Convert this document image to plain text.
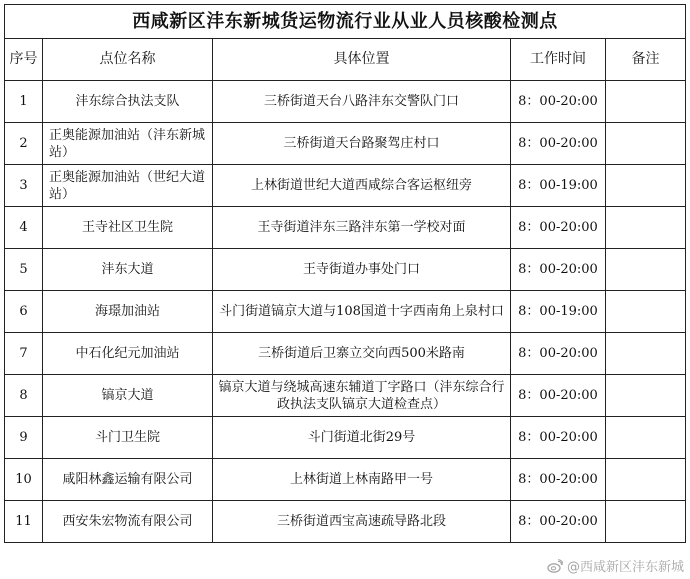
西咸新区沣东新城货运物流行业从业人员核酸检测点				
序号	点位名称	具体位置	工作时间	备注
1	沣东综合执法支队	三桥街道天台八路沣东交警队门口	8：00-20:00	
2	正奥能源加油站（沣东新城站）	三桥街道天台路聚驾庄村口	8：00-20:00	
3	正奥能源加油站（世纪大道站）	上林街道世纪大道西咸综合客运枢纽旁	8：00-19:00	
4	王寺社区卫生院	王寺街道沣东三路沣东第一学校对面	8：00-20:00	
5	沣东大道	王寺街道办事处门口	8：00-20:00	
6	海璟加油站	斗门街道镐京大道与108国道十字西南角上泉村口	8：00-19:00	
7	中石化纪元加油站	三桥街道后卫寨立交向西500米路南	8：00-20:00	
8	镐京大道	镐京大道与绕城高速东辅道丁字路口（沣东综合行政执法支队镐京大道检查点）	8：00-20:00	
9	斗门卫生院	斗门街道北街29号	8：00-20:00	
10	咸阳林鑫运输有限公司	上林街道上林南路甲一号	8：00-20:00	
11	西安朱宏物流有限公司	三桥街道西宝高速疏导路北段	8：00-20:00	
@西咸新区沣东新城
